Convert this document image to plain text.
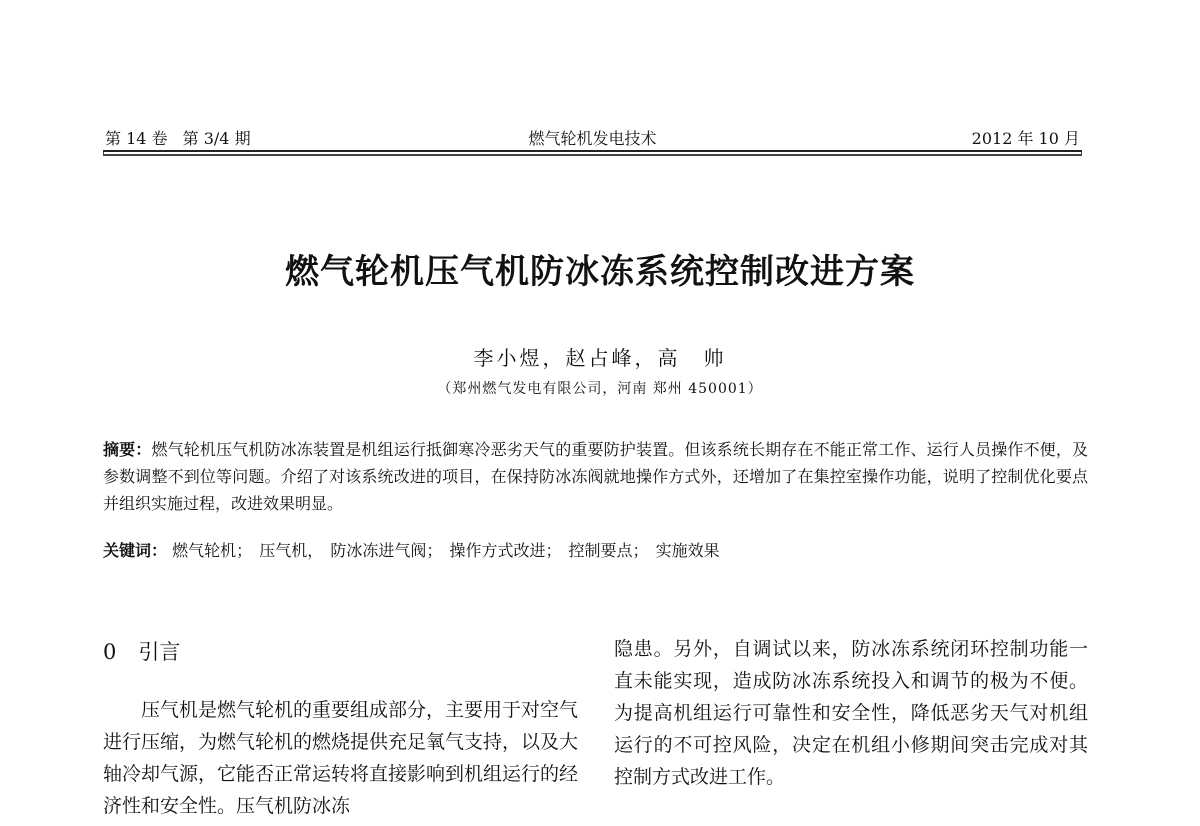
第 14 卷 第 3/4 期	燃气轮机发电技术	2012 年 10 月
燃气轮机压气机防冰冻系统控制改进方案
李小煜，赵占峰，高　帅
（郑州燃气发电有限公司，河南 郑州 450001）
摘要：燃气轮机压气机防冰冻装置是机组运行抵御寒冷恶劣天气的重要防护装置。但该系统长期存在不能正常工作、运行人员操作不便，及参数调整不到位等问题。介绍了对该系统改进的项目，在保持防冰冻阀就地操作方式外，还增加了在集控室操作功能，说明了控制优化要点并组织实施过程，改进效果明显。
关键词： 燃气轮机； 压气机， 防冰冻进气阀； 操作方式改进； 控制要点； 实施效果
0 引言

压气机是燃气轮机的重要组成部分，主要用于对空气进行压缩，为燃气轮机的燃烧提供充足氧气支持，以及大轴冷却气源，它能否正常运转将直接影响到机组运行的经济性和安全性。压气机防冰冻

隐患。另外，自调试以来，防冰冻系统闭环控制功能一直未能实现，造成防冰冻系统投入和调节的极为不便。为提高机组运行可靠性和安全性，降低恶劣天气对机组运行的不可控风险，决定在机组小修期间突击完成对其控制方式改进工作。
